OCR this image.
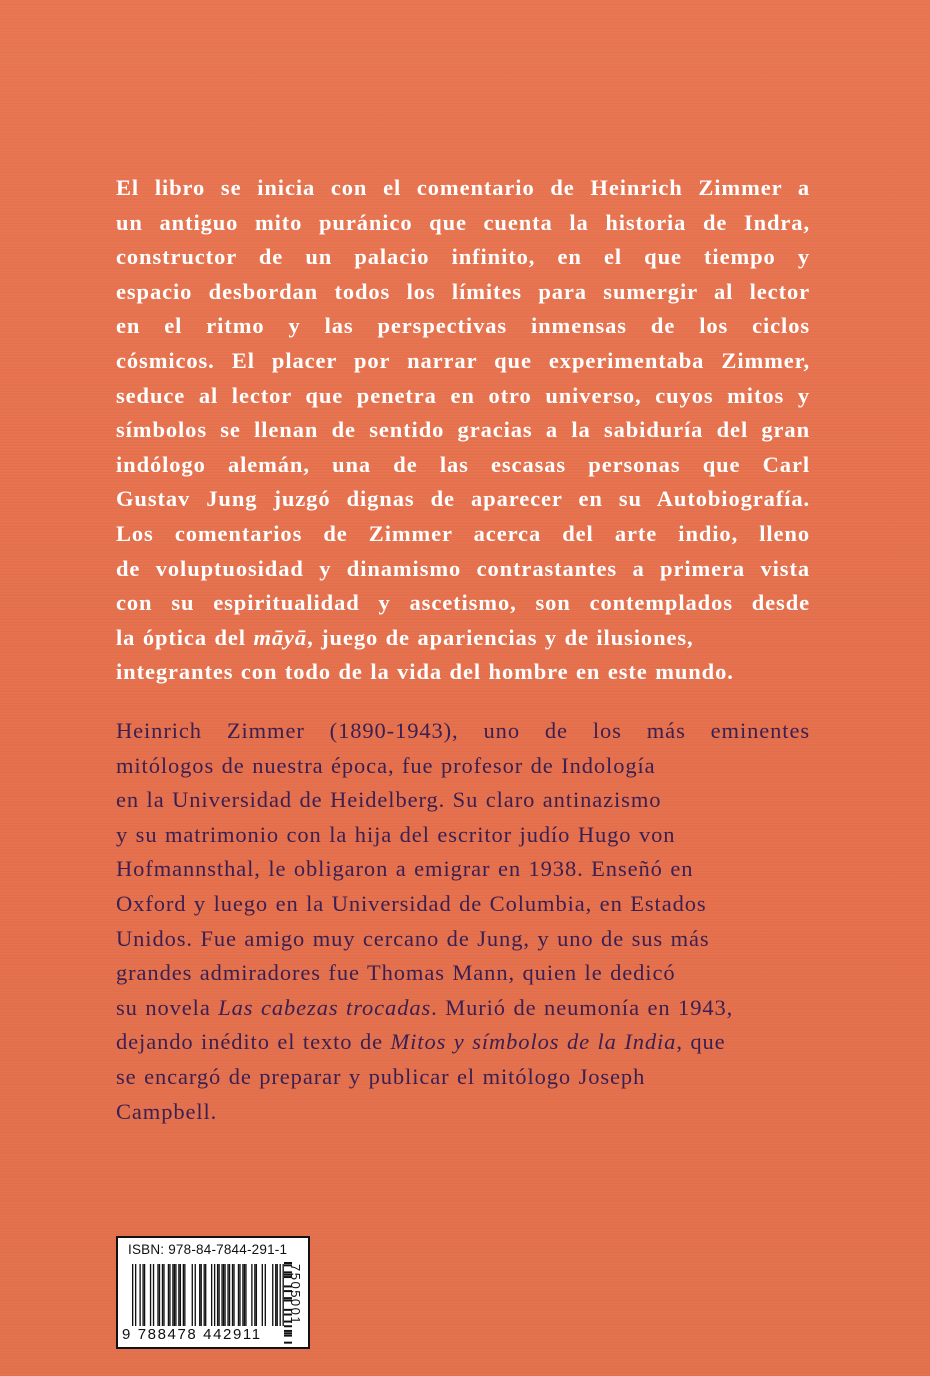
El libro se inicia con el comentario de Heinrich Zimmer a
un antiguo mito puránico que cuenta la historia de Indra,
constructor de un palacio infinito, en el que tiempo y
espacio desbordan todos los límites para sumergir al lector
en el ritmo y las perspectivas inmensas de los ciclos
cósmicos. El placer por narrar que experimentaba Zimmer,
seduce al lector que penetra en otro universo, cuyos mitos y
símbolos se llenan de sentido gracias a la sabiduría del gran
indólogo alemán, una de las escasas personas que Carl
Gustav Jung juzgó dignas de aparecer en su Autobiografía.
Los comentarios de Zimmer acerca del arte indio, lleno
de voluptuosidad y dinamismo contrastantes a primera vista
con su espiritualidad y ascetismo, son contemplados desde
la óptica del māyā, juego de apariencias y de ilusiones,
integrantes con todo de la vida del hombre en este mundo.

Heinrich Zimmer (1890-1943), uno de los más eminentes
mitólogos de nuestra época, fue profesor de Indología
en la Universidad de Heidelberg. Su claro antinazismo
y su matrimonio con la hija del escritor judío Hugo von
Hofmannsthal, le obligaron a emigrar en 1938. Enseñó en
Oxford y luego en la Universidad de Columbia, en Estados
Unidos. Fue amigo muy cercano de Jung, y uno de sus más
grandes admiradores fue Thomas Mann, quien le dedicó
su novela Las cabezas trocadas. Murió de neumonía en 1943,
dejando inédito el texto de Mitos y símbolos de la India, que
se encargó de preparar y publicar el mitólogo Joseph
Campbell.

ISBN: 978-84-7844-291-1
7505001
9 788478 442911
